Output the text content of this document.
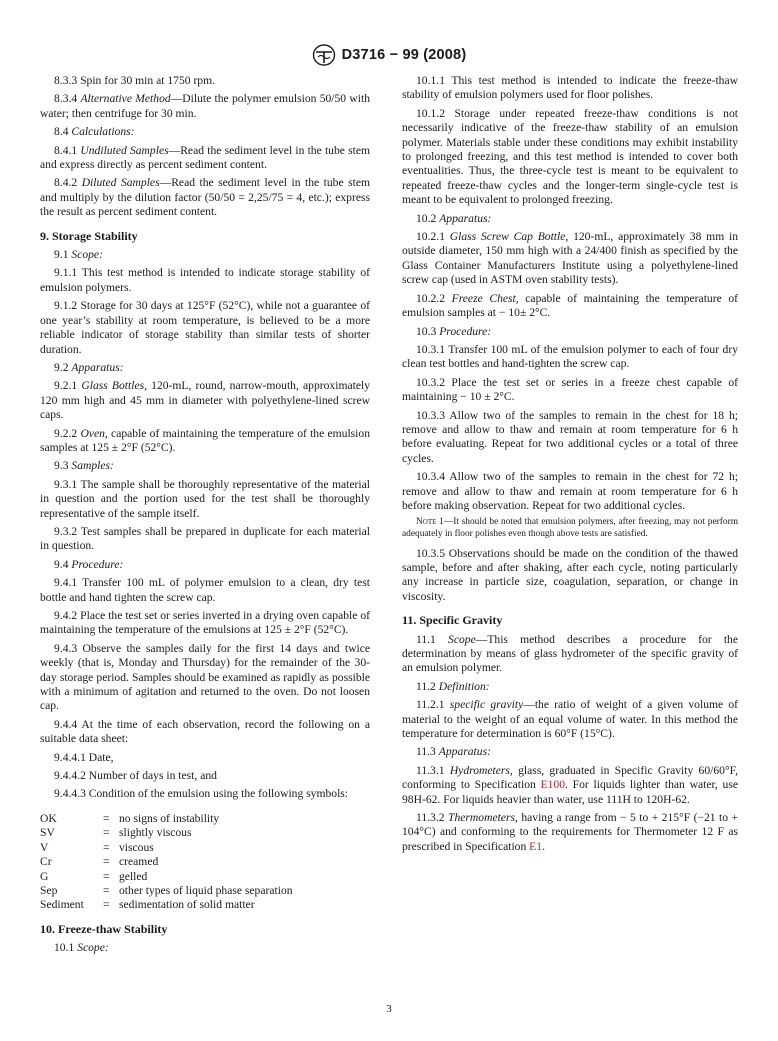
D3716 − 99 (2008)

8.3.3 Spin for 30 min at 1750 rpm.

8.3.4 Alternative Method—Dilute the polymer emulsion 50/50 with water; then centrifuge for 30 min.

8.4 Calculations:

8.4.1 Undiluted Samples—Read the sediment level in the tube stem and express directly as percent sediment content.

8.4.2 Diluted Samples—Read the sediment level in the tube stem and multiply by the dilution factor (50/50 = 2,25/75 = 4, etc.); express the result as percent sediment content.

9. Storage Stability

9.1 Scope:

9.1.1 This test method is intended to indicate storage stability of emulsion polymers.

9.1.2 Storage for 30 days at 125°F (52°C), while not a guarantee of one year’s stability at room temperature, is believed to be a more reliable indicator of storage stability than similar tests of shorter duration.

9.2 Apparatus:

9.2.1 Glass Bottles, 120-mL, round, narrow-mouth, approximately 120 mm high and 45 mm in diameter with polyethylene-lined screw caps.

9.2.2 Oven, capable of maintaining the temperature of the emulsion samples at 125 ± 2°F (52°C).

9.3 Samples:

9.3.1 The sample shall be thoroughly representative of the material in question and the portion used for the test shall be thoroughly representative of the sample itself.

9.3.2 Test samples shall be prepared in duplicate for each material in question.

9.4 Procedure:

9.4.1 Transfer 100 mL of polymer emulsion to a clean, dry test bottle and hand tighten the screw cap.

9.4.2 Place the test set or series inverted in a drying oven capable of maintaining the temperature of the emulsions at 125 ± 2°F (52°C).

9.4.3 Observe the samples daily for the first 14 days and twice weekly (that is, Monday and Thursday) for the remainder of the 30-day storage period. Samples should be examined as rapidly as possible with a minimum of agitation and returned to the oven. Do not loosen cap.

9.4.4 At the time of each observation, record the following on a suitable data sheet:

9.4.4.1 Date,

9.4.4.2 Number of days in test, and

9.4.4.3 Condition of the emulsion using the following symbols:

OK	=	no signs of instability
SV	=	slightly viscous
V	=	viscous
Cr	=	creamed
G	=	gelled
Sep	=	other types of liquid phase separation
Sediment	=	sedimentation of solid matter
10. Freeze-thaw Stability

10.1 Scope:

10.1.1 This test method is intended to indicate the freeze-thaw stability of emulsion polymers used for floor polishes.

10.1.2 Storage under repeated freeze-thaw conditions is not necessarily indicative of the freeze-thaw stability of an emulsion polymer. Materials stable under these conditions may exhibit instability to prolonged freezing, and this test method is intended to cover both eventualities. Thus, the three-cycle test is meant to be equivalent to repeated freeze-thaw cycles and the longer-term single-cycle test is meant to be equivalent to prolonged freezing.

10.2 Apparatus:

10.2.1 Glass Screw Cap Bottle, 120-mL, approximately 38 mm in outside diameter, 150 mm high with a 24/400 finish as specified by the Glass Container Manufacturers Institute using a polyethylene-lined screw cap (used in ASTM oven stability tests).

10.2.2 Freeze Chest, capable of maintaining the temperature of emulsion samples at − 10± 2°C.

10.3 Procedure:

10.3.1 Transfer 100 mL of the emulsion polymer to each of four dry clean test bottles and hand-tighten the screw cap.

10.3.2 Place the test set or series in a freeze chest capable of maintaining − 10 ± 2°C.

10.3.3 Allow two of the samples to remain in the chest for 18 h; remove and allow to thaw and remain at room temperature for 6 h before evaluating. Repeat for two additional cycles or a total of three cycles.

10.3.4 Allow two of the samples to remain in the chest for 72 h; remove and allow to thaw and remain at room temperature for 6 h before making observation. Repeat for two additional cycles.

Note 1—It should be noted that emulsion polymers, after freezing, may not perform adequately in floor polishes even though above tests are satisfied.

10.3.5 Observations should be made on the condition of the thawed sample, before and after shaking, after each cycle, noting particularly any increase in particle size, coagulation, separation, or change in viscosity.

11. Specific Gravity

11.1 Scope—This method describes a procedure for the determination by means of glass hydrometer of the specific gravity of an emulsion polymer.

11.2 Definition:

11.2.1 specific gravity—the ratio of weight of a given volume of material to the weight of an equal volume of water. In this method the temperature for determination is 60°F (15°C).

11.3 Apparatus:

11.3.1 Hydrometers, glass, graduated in Specific Gravity 60/60°F, conforming to Specification E100. For liquids lighter than water, use 98H-62. For liquids heavier than water, use 111H to 120H-62.

11.3.2 Thermometers, having a range from − 5 to + 215°F (−21 to + 104°C) and conforming to the requirements for Thermometer 12 F as prescribed in Specification E1.

3
